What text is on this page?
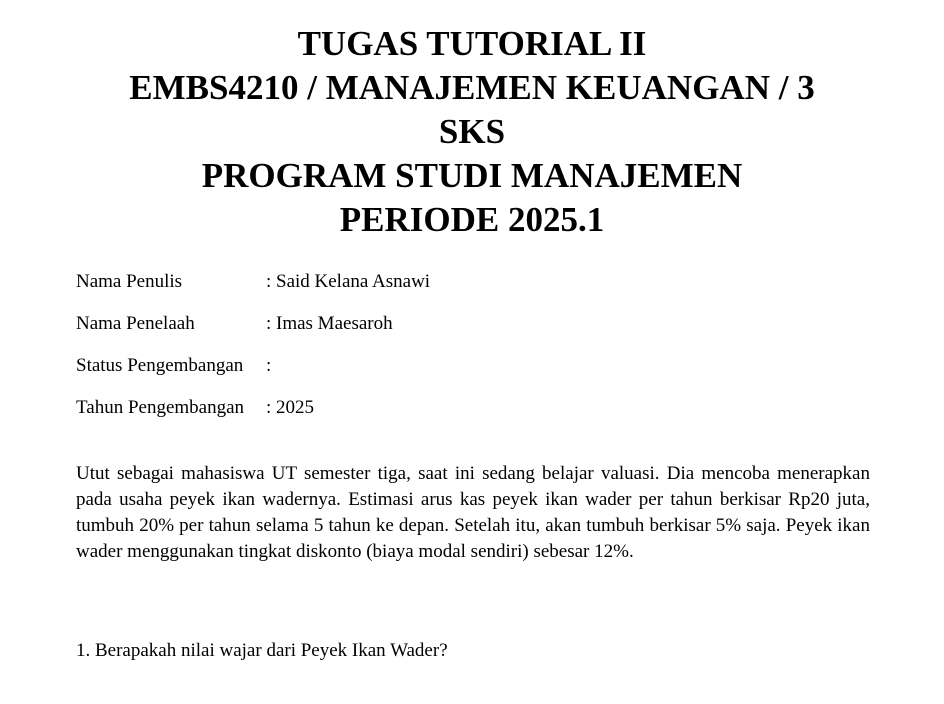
TUGAS TUTORIAL II
EMBS4210 / MANAJEMEN KEUANGAN / 3
SKS
PROGRAM STUDI MANAJEMEN
PERIODE 2025.1
Nama Penulis	: Said Kelana Asnawi
Nama Penelaah	: Imas Maesaroh
Status Pengembangan	:
Tahun Pengembangan	: 2025

Utut sebagai mahasiswa UT semester tiga, saat ini sedang belajar valuasi. Dia mencoba menerapkan pada usaha peyek ikan wadernya. Estimasi arus kas peyek ikan wader per tahun berkisar Rp20 juta, tumbuh 20% per tahun selama 5 tahun ke depan. Setelah itu, akan tumbuh berkisar 5% saja. Peyek ikan wader menggunakan tingkat diskonto (biaya modal sendiri) sebesar 12%.

1. Berapakah nilai wajar dari Peyek Ikan Wader?
